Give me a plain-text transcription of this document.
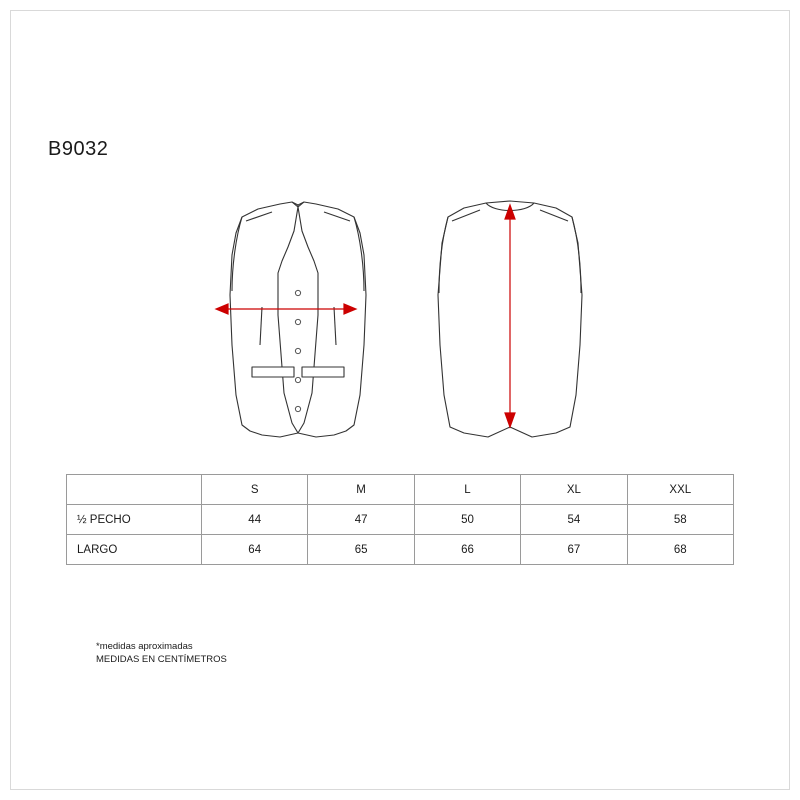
B9032
	S	M	L	XL	XXL
½ PECHO	44	47	50	54	58
LARGO	64	65	66	67	68
*medidas aproximadas
MEDIDAS EN CENTÍMETROS
